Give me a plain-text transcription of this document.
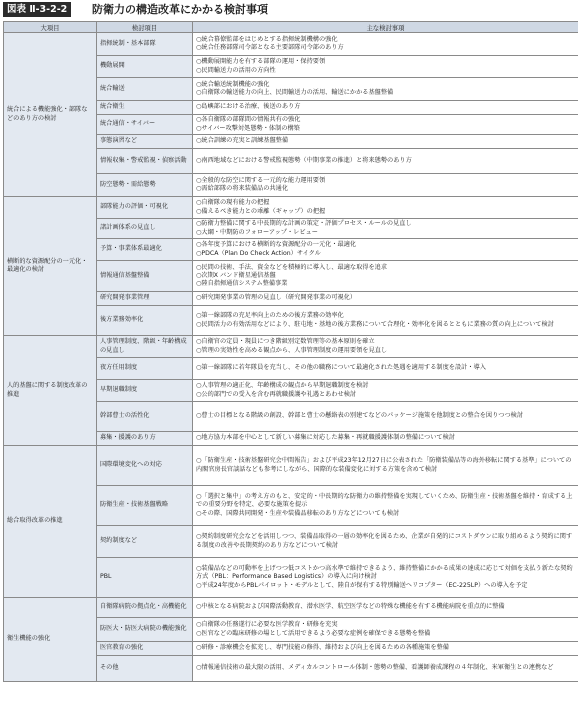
図表 Ⅱ-3-2-2	防衛力の構造改革にかかる検討事項
大項目	検討項目	主な検討事項
統合による機能強化・部隊などのあり方の検討	指揮統制・基本部隊	○統合幕僚監部をはじめとする指揮統制機構の強化
○統合任務部隊司令部となる主要部隊司令部のあり方

	機動展開	○機動展開能力を有する部隊の運用・保持要領
○民間輸送力の活用の方向性

	統合輸送	○統合輸送統制機能の強化
○自衛隊の輸送能力の向上、民間輸送力の活用、輸送にかかる基盤整備

	統合衛生	○島嶼部における治療、後送のあり方

	統合通信・サイバー	○各自衛隊の部隊間の情報共有の強化
○サイバー攻撃対処態勢・体制の構築

	事態演習など	○統合訓練の充実と訓練基盤整備

	情報収集・警戒監視・偵察活動	○南西地域などにおける警戒監視態勢（中期事業の推進）と将来態勢のあり方

	防空態勢・需給態勢	○全般的な防空に関する一元的な能力運用要領
○需給部隊の将来装備品の共通化

横断的な資源配分の一元化・最適化の検討	部隊能力の評価・可視化	○自衛隊の現有能力の把握
○備えるべき能力との乖離（ギャップ）の把握

	諸計画体系の見直し	○防衛力整備に関する中長期的な計画の策定・評価プロセス・ルールの見直し
○大綱・中期防のフォローアップ・レビュー

	予算・事業体系最適化	○各年度予算における横断的な資源配分の一元化・最適化
○PDCA（Plan Do Check Action）サイクル

	情報通信基盤整備	○民間の技術、手法、資金などを積極的に導入し、最適な取得を追求
○次期X バンド衛星通信基盤
○陸自指揮通信システム整備事業

	研究開発事業管理	○研究開発事業の管理の見直し（研究開発事業の可視化）

	後方業務効率化	○第一線部隊の充足率向上のための後方業務の効率化
○民間活力の有効活用などにより、駐屯地・基地の後方業務について合理化・効率化を図るとともに業務の質の向上について検討

人的基盤に関する制度改革の推進	人事管理制度、階級・年齢構成の見直し	○自衛官の定員・現員につき階級別定数管理等の基本原則を確立
○管理の実効性を高める観点から、人事管理制度の運用要領を見直し

	夜方任用制度	○第一線部隊に若年隊員を充当し、その他の職務について最適化された処遇を適用する制度を設計・導入

	早期退職制度	○人事管理の適正化、年齢構成の観点から早期退職制度を検討
○公的部門での受入を含む再就職援護や礼遇とあわせ検討

	幹部曹士の活性化	○曹士の目標となる階級の創設、幹部と曹士の懸絡表の別建てなどのパッケージ施策を他制度との整合を図りつつ検討

	募集・援護のあり方	○地方協力本部を中心として新しい募集に対応した募集・再就職援護体制の整備について検討

総合取得改革の推進	国際環境変化への対応	○「防衛生産・技術基盤研究会中間報告」および平成23年12月27日に公表された「防衛装備品等の海外移転に関する基準」についての内閣官房長官談話なども参考にしながら、国際的な装備変化に対する方策を含めて検討

	防衛生産・技術基盤戦略	○「選択と集中」の考え方のもと、安定的・中長期的な防衛力の維持整備を実現していくため、防衛生産・技術基盤を維持・育成する上での重要分野を特定、必要な施策を提示
○その際、国際共同開発・生産や装備品移転のあり方などについても検討

	契約制度など	○契約制度研究会などを活用しつつ、装備品取得の一層の効率化を図るため、企業が自発的にコストダウンに取り組めるよう契約に関する制度の改善や長期契約のあり方などについて検討

	PBL	○装備品などの可動率を上げつつ低コストかつ高水準で維持できるよう、維持整備にかかる成果の達成に応じて対価を支払う新たな契約方式（PBL：Performance Based Logistics）の導入に向け検討
○平成24年度からPBLパイロット・モデルとして、陸自が保有する特別輸送ヘリコプター（EC-225LP）への導入を予定

衛生機能の強化	自衛隊病院の拠点化・高機能化	○中核となる病院および国際活動教育、潜水医学、航空医学などの特殊な機能を有する機能病院を重点的に整備

	防医大・防医大病院の機能強化	○自衛隊の任務遂行に必要な医学教育・研修を充実
○医官などの臨床研修の場として活用できるよう必要な症例を確保できる態勢を整備

	医官教育の強化	○研修・診療機会を拡充し、専門技能の修得、維持および向上を図るための各種施策を整備

	その他	○情報通信技術の最大限の活用、メディカルコントロール体制・態勢の整備、看護師養成課程の４年制化、米軍衛生との連携など
